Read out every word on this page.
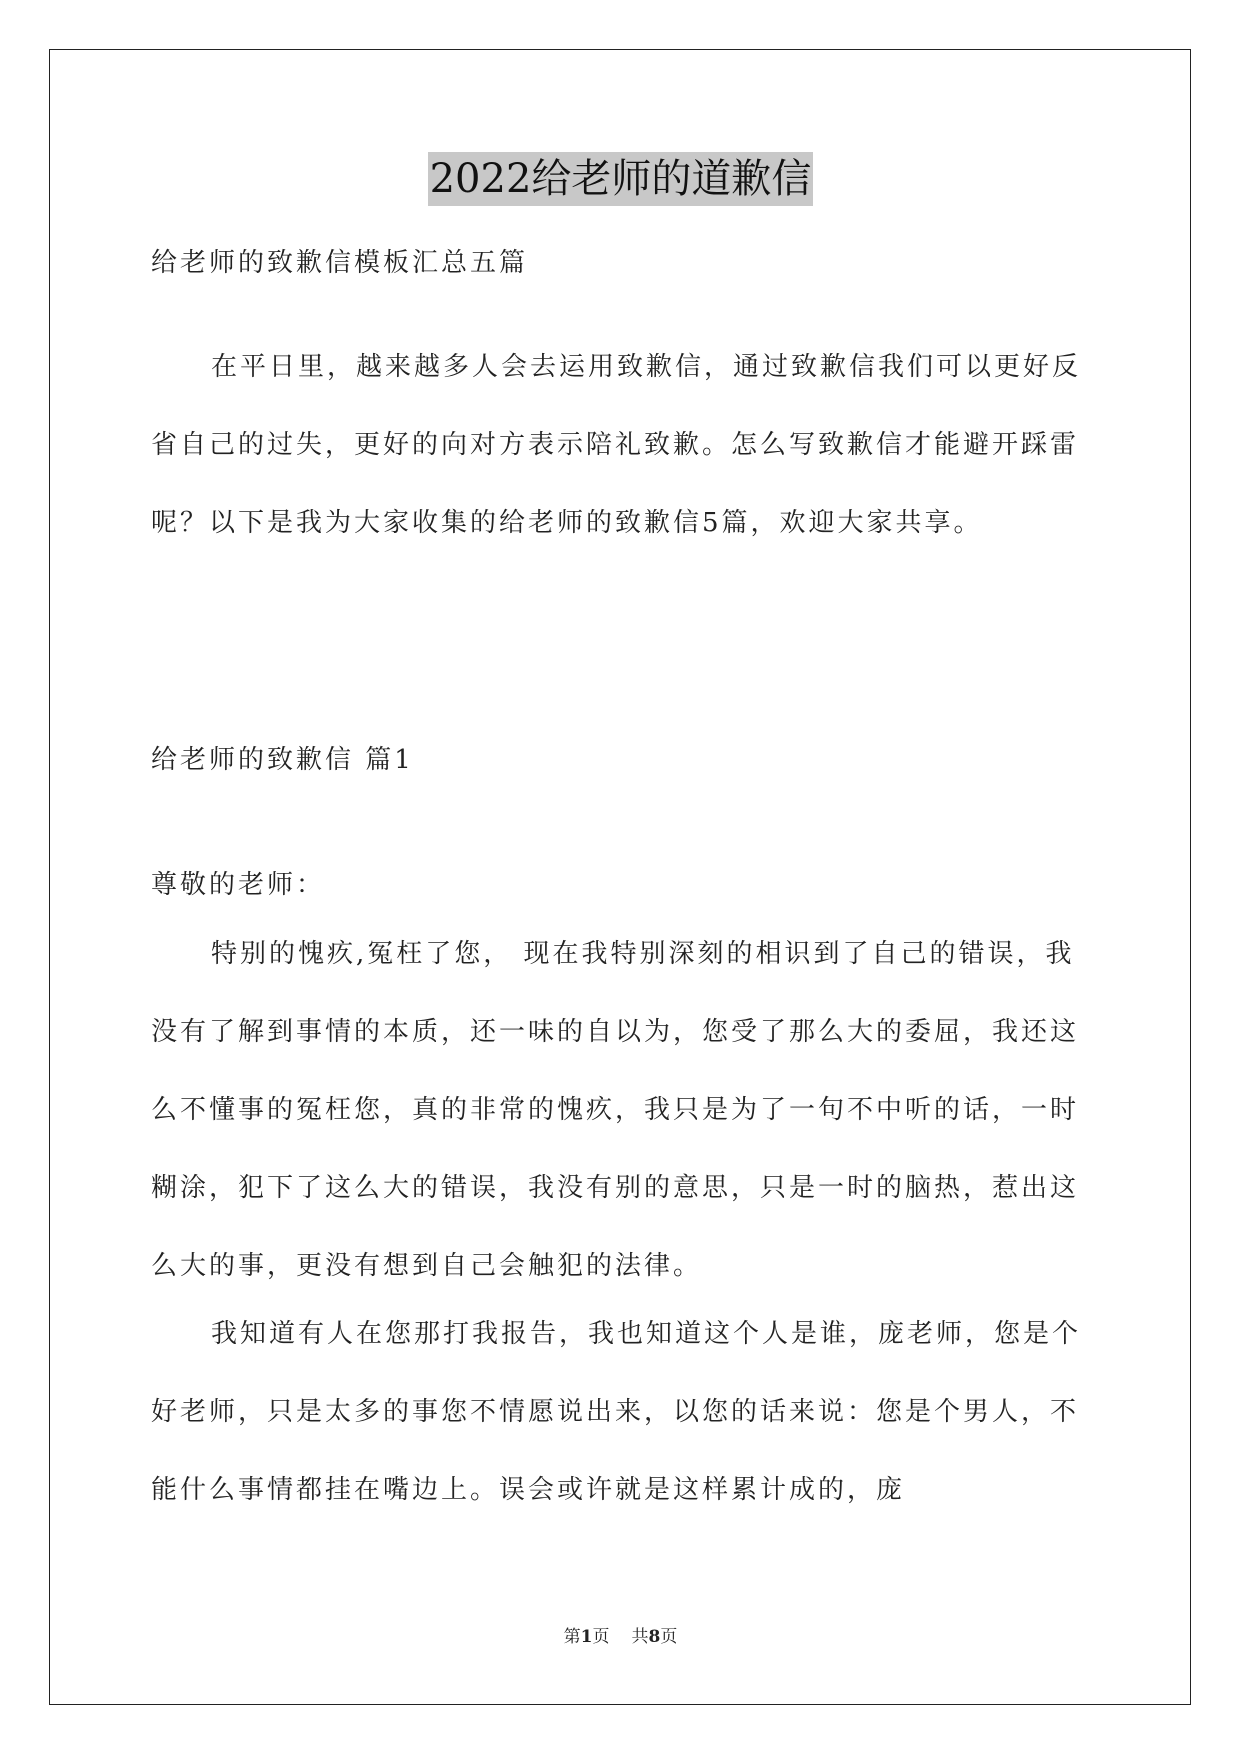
2022给老师的道歉信
给老师的致歉信模板汇总五篇

在平日里，越来越多人会去运用致歉信，通过致歉信我们可以更好反省自己的过失，更好的向对方表示陪礼致歉。怎么写致歉信才能避开踩雷呢？以下是我为大家收集的给老师的致歉信5篇，欢迎大家共享。

给老师的致歉信 篇1
尊敬的老师：

特别的愧疚,冤枉了您， 现在我特别深刻的相识到了自己的错误，我没有了解到事情的本质，还一味的自以为，您受了那么大的委屈，我还这么不懂事的冤枉您，真的非常的愧疚，我只是为了一句不中听的话，一时糊涂，犯下了这么大的错误，我没有别的意思，只是一时的脑热，惹出这么大的事，更没有想到自己会触犯的法律。

我知道有人在您那打我报告，我也知道这个人是谁，庞老师，您是个好老师，只是太多的事您不情愿说出来，以您的话来说：您是个男人，不能什么事情都挂在嘴边上。误会或许就是这样累计成的，庞

第1页 共8页
